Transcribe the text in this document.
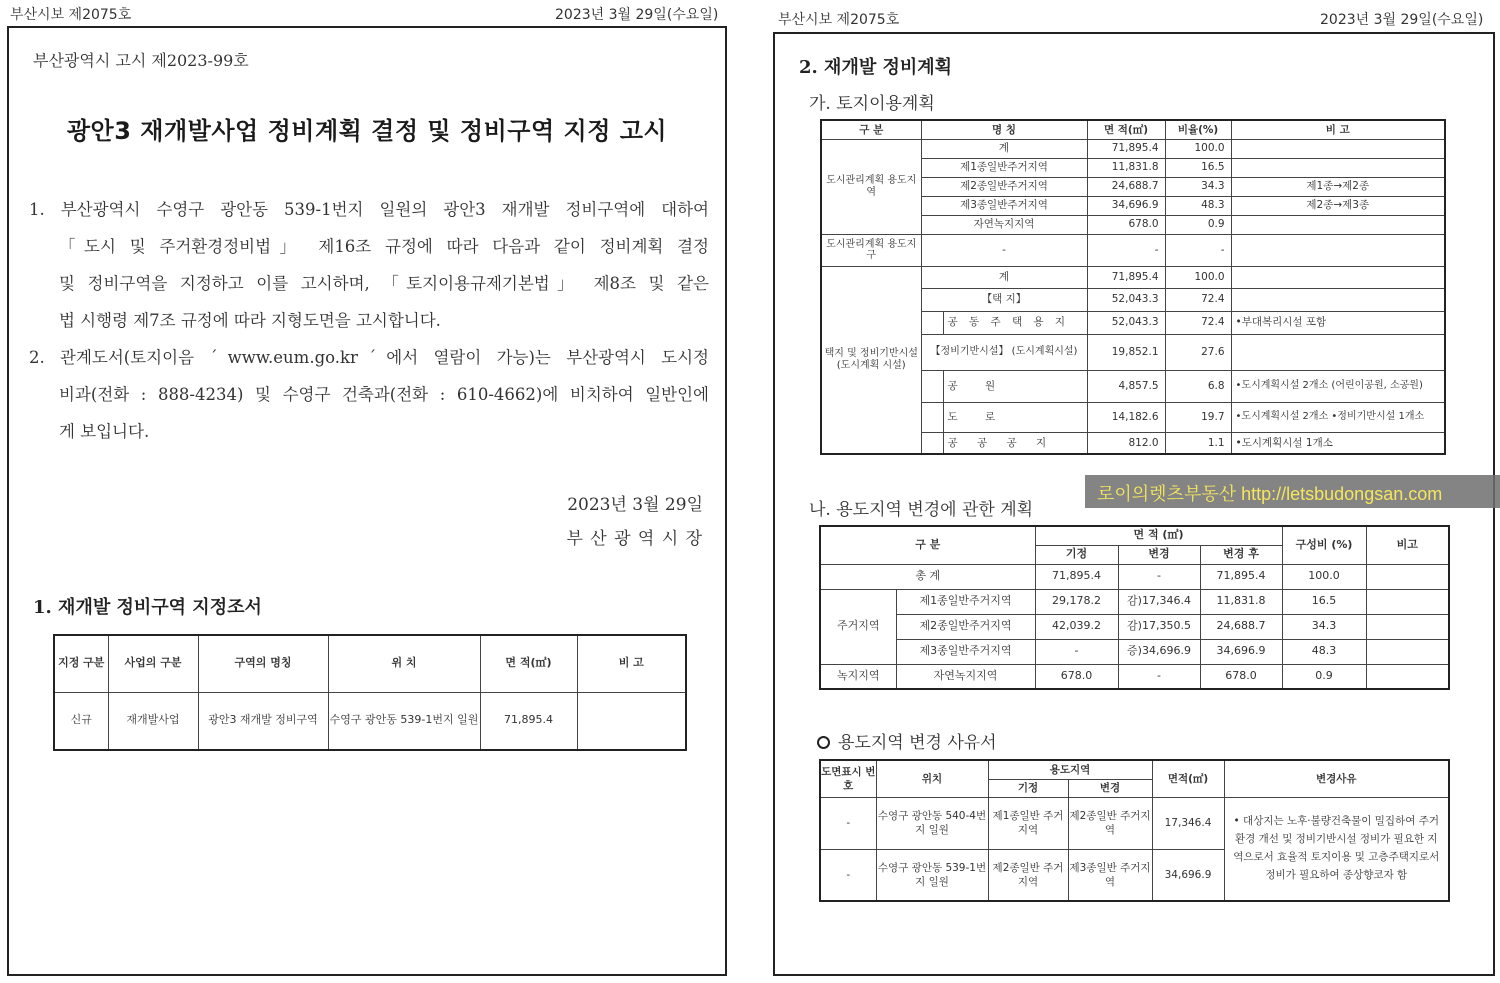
부산시보 제2075호	2023년 3월 29일(수요일)	부산시보 제2075호	2023년 3월 29일(수요일)
부산광역시 고시 제2023-99호
광안3 재개발사업 정비계획 결정 및 정비구역 지정 고시
1. 부산광역시 수영구 광안동 539-1번지 일원의 광안3 재개발 정비구역에 대하여
「도시 및 주거환경정비법」 제16조 규정에 따라 다음과 같이 정비계획 결정
및 정비구역을 지정하고 이를 고시하며, 「토지이용규제기본법」 제8조 및 같은
법 시행령 제7조 규정에 따라 지형도면을 고시합니다.
2. 관계도서(토지이음 ˊwww.eum.go.krˊ에서 열람이 가능)는 부산광역시 도시정
비과(전화 : 888-4234) 및 수영구 건축과(전화 : 610-4662)에 비치하여 일반인에
게 보입니다.
2023년 3월 29일
부 산 광 역 시 장
1. 재개발 정비구역 지정조서
지정 구분	사업의 구분	구역의 명칭	위 치	면 적(㎡)	비 고
신규	재개발사업	광안3 재개발 정비구역	수영구 광안동 539-1번지 일원	71,895.4	
2. 재개발 정비계획
가. 토지이용계획
구 분	명 칭		면 적(㎡)	비율(%)	비 고
도시관리계획 용도지역	계		71,895.4	100.0	
	제1종일반주거지역		11,831.8	16.5	
	제2종일반주거지역		24,688.7	34.3	제1종→제2종
	제3종일반주거지역		34,696.9	48.3	제2종→제3종
	자연녹지지역		678.0	0.9	
도시관리계획 용도지구	-		-	-	
택지 및 정비기반시설 (도시계획 시설)	계		71,895.4	100.0	
	【택 지】		52,043.3	72.4	
		공 동 주 택 용 지	52,043.3	72.4	•부대복리시설 포함
	【정비기반시설】 (도시계획시설)		19,852.1	27.6	
		공 원	4,857.5	6.8	•도시계획시설 2개소 (어린이공원, 소공원)
		도 로	14,182.6	19.7	•도시계획시설 2개소 •정비기반시설 1개소
		공 공 공 지	812.0	1.1	•도시계획시설 1개소
나. 용도지역 변경에 관한 계획
구 분		면 적 (㎡)			구성비 (%)	비고
		기정	변경	변경 후		
총 계		71,895.4	-	71,895.4	100.0	
주거지역	제1종일반주거지역	29,178.2	감)17,346.4	11,831.8	16.5	
	제2종일반주거지역	42,039.2	감)17,350.5	24,688.7	34.3	
	제3종일반주거지역	-	증)34,696.9	34,696.9	48.3	
녹지지역	자연녹지지역	678.0	-	678.0	0.9	
용도지역 변경 사유서
도면표시 번호	위치	용도지역		면적(㎡)	변경사유
		기정	변경		
-	수영구 광안동 540-4번지 일원	제1종일반 주거지역	제2종일반 주거지역	17,346.4	• 대상지는 노후·불량건축물이 밀집하여 주거환경 개선 및 정비기반시설 정비가 필요한 지역으로서 효율적 토지이용 및 고층주택지로서 정비가 필요하여 종상향코자 함
-	수영구 광안동 539-1번지 일원	제2종일반 주거지역	제3종일반 주거지역	34,696.9	
로이의렛츠부동산 http://letsbudongsan.com
